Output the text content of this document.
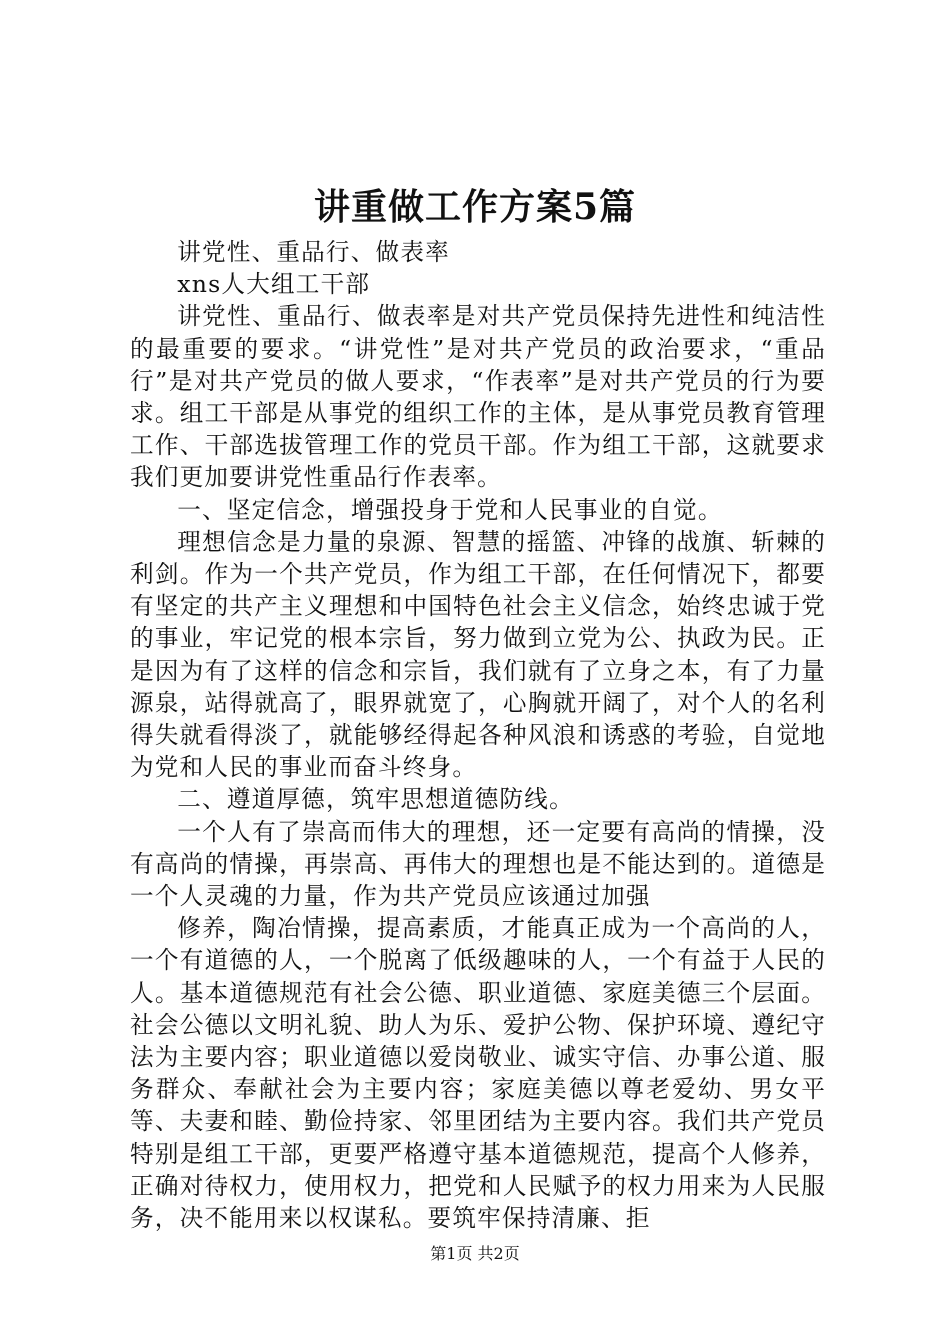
讲重做工作方案5篇

讲党性、重品行、做表率

xns人大组工干部

讲党性、重品行、做表率是对共产党员保持先进性和纯洁性的最重要的要求。“讲党性”是对共产党员的政治要求，“重品行”是对共产党员的做人要求，“作表率”是对共产党员的行为要求。组工干部是从事党的组织工作的主体，是从事党员教育管理工作、干部选拔管理工作的党员干部。作为组工干部，这就要求我们更加要讲党性重品行作表率。

一、坚定信念，增强投身于党和人民事业的自觉。

理想信念是力量的泉源、智慧的摇篮、冲锋的战旗、斩棘的利剑。作为一个共产党员，作为组工干部，在任何情况下，都要有坚定的共产主义理想和中国特色社会主义信念，始终忠诚于党的事业，牢记党的根本宗旨，努力做到立党为公、执政为民。正是因为有了这样的信念和宗旨，我们就有了立身之本，有了力量源泉，站得就高了，眼界就宽了，心胸就开阔了，对个人的名利得失就看得淡了，就能够经得起各种风浪和诱惑的考验，自觉地为党和人民的事业而奋斗终身。

二、遵道厚德，筑牢思想道德防线。

一个人有了崇高而伟大的理想，还一定要有高尚的情操，没有高尚的情操，再崇高、再伟大的理想也是不能达到的。道德是一个人灵魂的力量，作为共产党员应该通过加强

修养，陶冶情操，提高素质，才能真正成为一个高尚的人，一个有道德的人，一个脱离了低级趣味的人，一个有益于人民的人。基本道德规范有社会公德、职业道德、家庭美德三个层面。社会公德以文明礼貌、助人为乐、爱护公物、保护环境、遵纪守法为主要内容；职业道德以爱岗敬业、诚实守信、办事公道、服务群众、奉献社会为主要内容；家庭美德以尊老爱幼、男女平等、夫妻和睦、勤俭持家、邻里团结为主要内容。我们共产党员特别是组工干部，更要严格遵守基本道德规范，提高个人修养，正确对待权力，使用权力，把党和人民赋予的权力用来为人民服务，决不能用来以权谋私。要筑牢保持清廉、拒

第1页 共2页
